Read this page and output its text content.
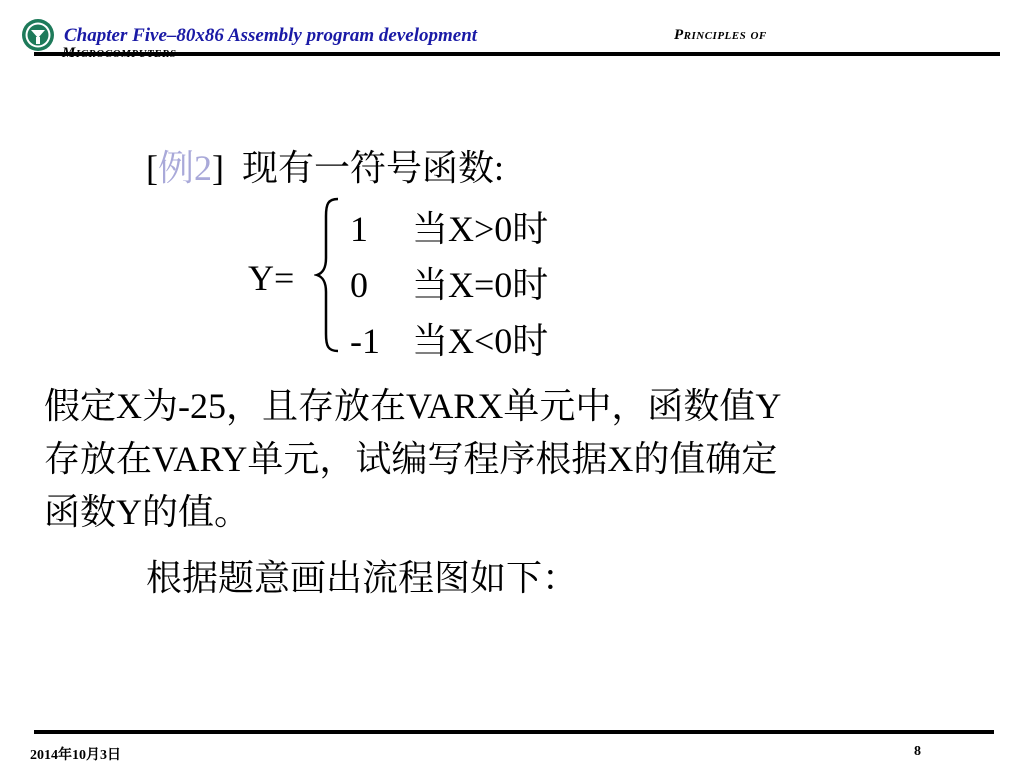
Chapter Five–80x86 Assembly program development	Principles of
[例2]  现有一符号函数:
Y=
1 当X>0时
0 当X=0时
-1 当X<0时
假定X为-25，且存放在VARX单元中，函数值Y
存放在VARY单元，试编写程序根据X的值确定
函数Y的值。
根据题意画出流程图如下：
2014年10月3日	8
